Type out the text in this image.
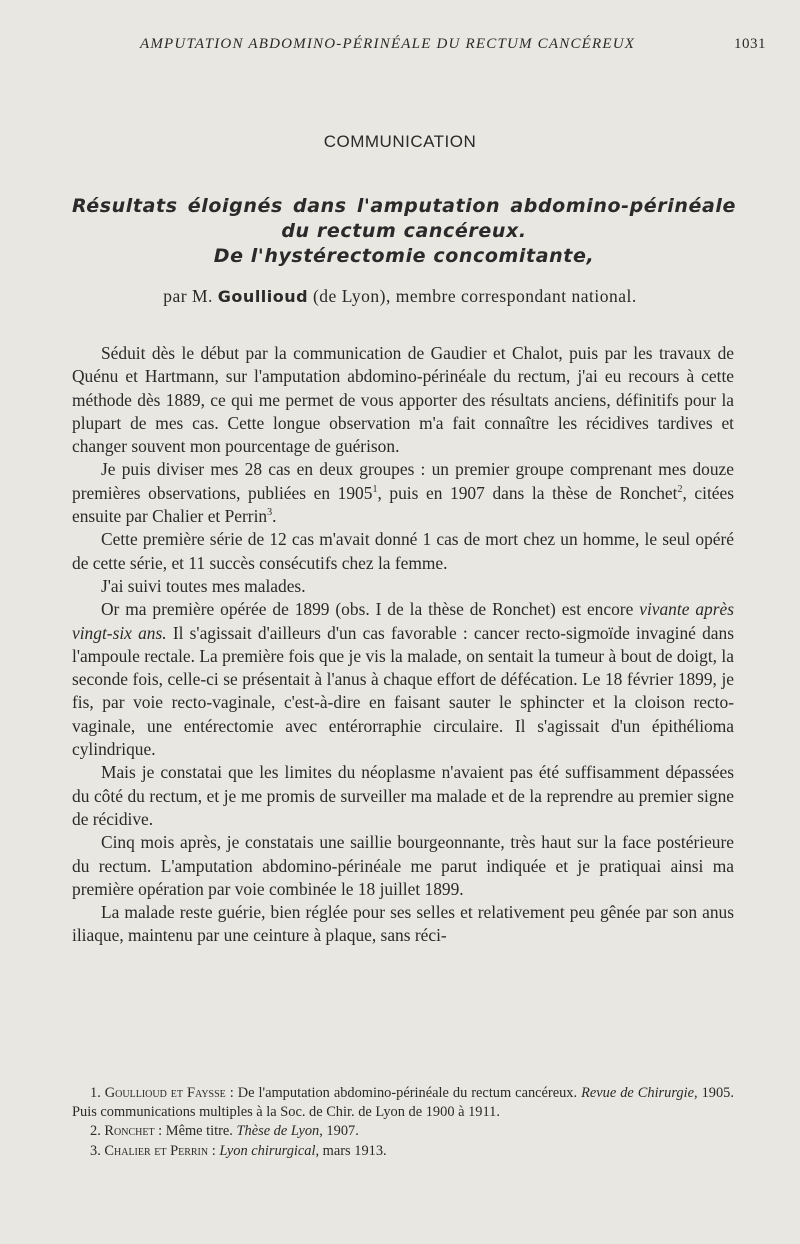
AMPUTATION ABDOMINO-PÉRINÉALE DU RECTUM CANCÉREUX	1031
COMMUNICATION
Résultats éloignés dans l'amputation abdomino-périnéale
du rectum cancéreux.
De l'hystérectomie concomitante,
par M. Goullioud (de Lyon), membre correspondant national.

Séduit dès le début par la communication de Gaudier et Chalot, puis par les travaux de Quénu et Hartmann, sur l'amputation abdomino-périnéale du rectum, j'ai eu recours à cette méthode dès 1889, ce qui me permet de vous apporter des résultats anciens, définitifs pour la plupart de mes cas. Cette longue observation m'a fait connaître les récidives tardives et changer souvent mon pourcentage de guérison.

Je puis diviser mes 28 cas en deux groupes : un premier groupe comprenant mes douze premières observations, publiées en 1905$^1$, puis en 1907 dans la thèse de Ronchet$^2$, citées ensuite par Chalier et Perrin$^3$.

Cette première série de 12 cas m'avait donné 1 cas de mort chez un homme, le seul opéré de cette série, et 11 succès consécutifs chez la femme.

J'ai suivi toutes mes malades.

Or ma première opérée de 1899 (obs. I de la thèse de Ronchet) est encore vivante après vingt-six ans. Il s'agissait d'ailleurs d'un cas favorable : cancer recto-sigmoïde invaginé dans l'ampoule rectale. La première fois que je vis la malade, on sentait la tumeur à bout de doigt, la seconde fois, celle-ci se présentait à l'anus à chaque effort de défécation. Le 18 février 1899, je fis, par voie recto-vaginale, c'est-à-dire en faisant sauter le sphincter et la cloison recto-vaginale, une entérectomie avec entérorraphie circulaire. Il s'agissait d'un épithélioma cylindrique.

Mais je constatai que les limites du néoplasme n'avaient pas été suffisamment dépassées du côté du rectum, et je me promis de surveiller ma malade et de la reprendre au premier signe de récidive.

Cinq mois après, je constatais une saillie bourgeonnante, très haut sur la face postérieure du rectum. L'amputation abdomino-périnéale me parut indiquée et je pratiquai ainsi ma première opération par voie combinée le 18 juillet 1899.

La malade reste guérie, bien réglée pour ses selles et relativement peu gênée par son anus iliaque, maintenu par une ceinture à plaque, sans réci-

1. Goullioud et Faysse : De l'amputation abdomino-périnéale du rectum cancéreux. Revue de Chirurgie, 1905. Puis communications multiples à la Soc. de Chir. de Lyon de 1900 à 1911.

2. Ronchet : Même titre. Thèse de Lyon, 1907.

3. Chalier et Perrin : Lyon chirurgical, mars 1913.
